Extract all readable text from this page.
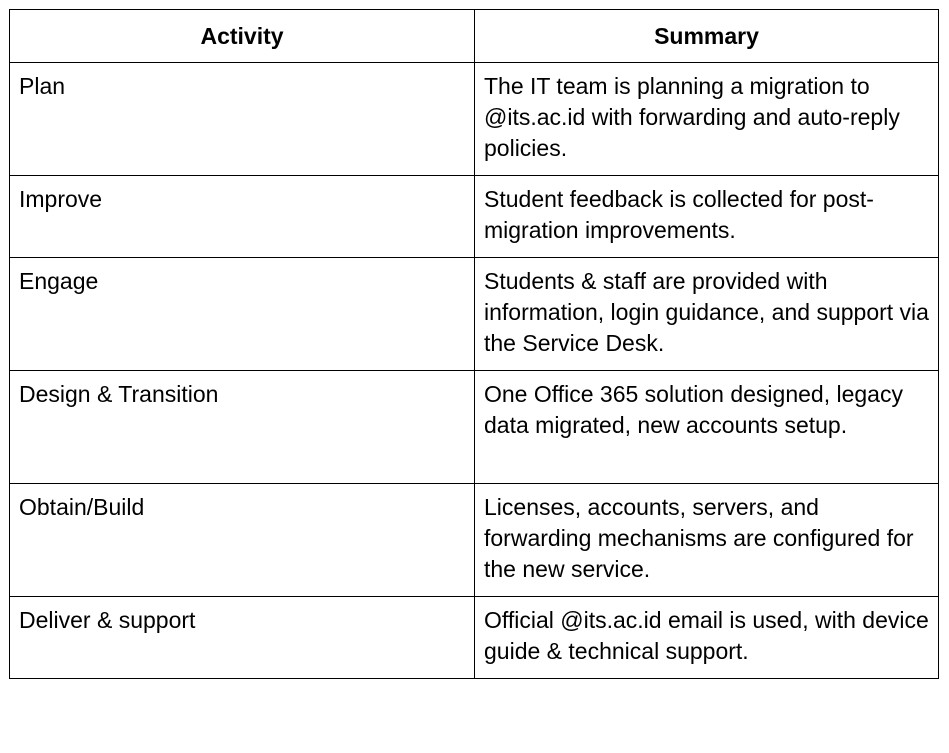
Activity	Summary
Plan	The IT team is planning a migration to @its.ac.id with forwarding and auto-reply policies.
Improve	Student feedback is collected for post-migration improvements.
Engage	Students & staff are provided with information, login guidance, and support via the Service Desk.
Design & Transition	One Office 365 solution designed, legacy data migrated, new accounts setup.
Obtain/Build	Licenses, accounts, servers, and forwarding mechanisms are configured for the new service.
Deliver & support	Official @its.ac.id email is used, with device guide & technical support.
